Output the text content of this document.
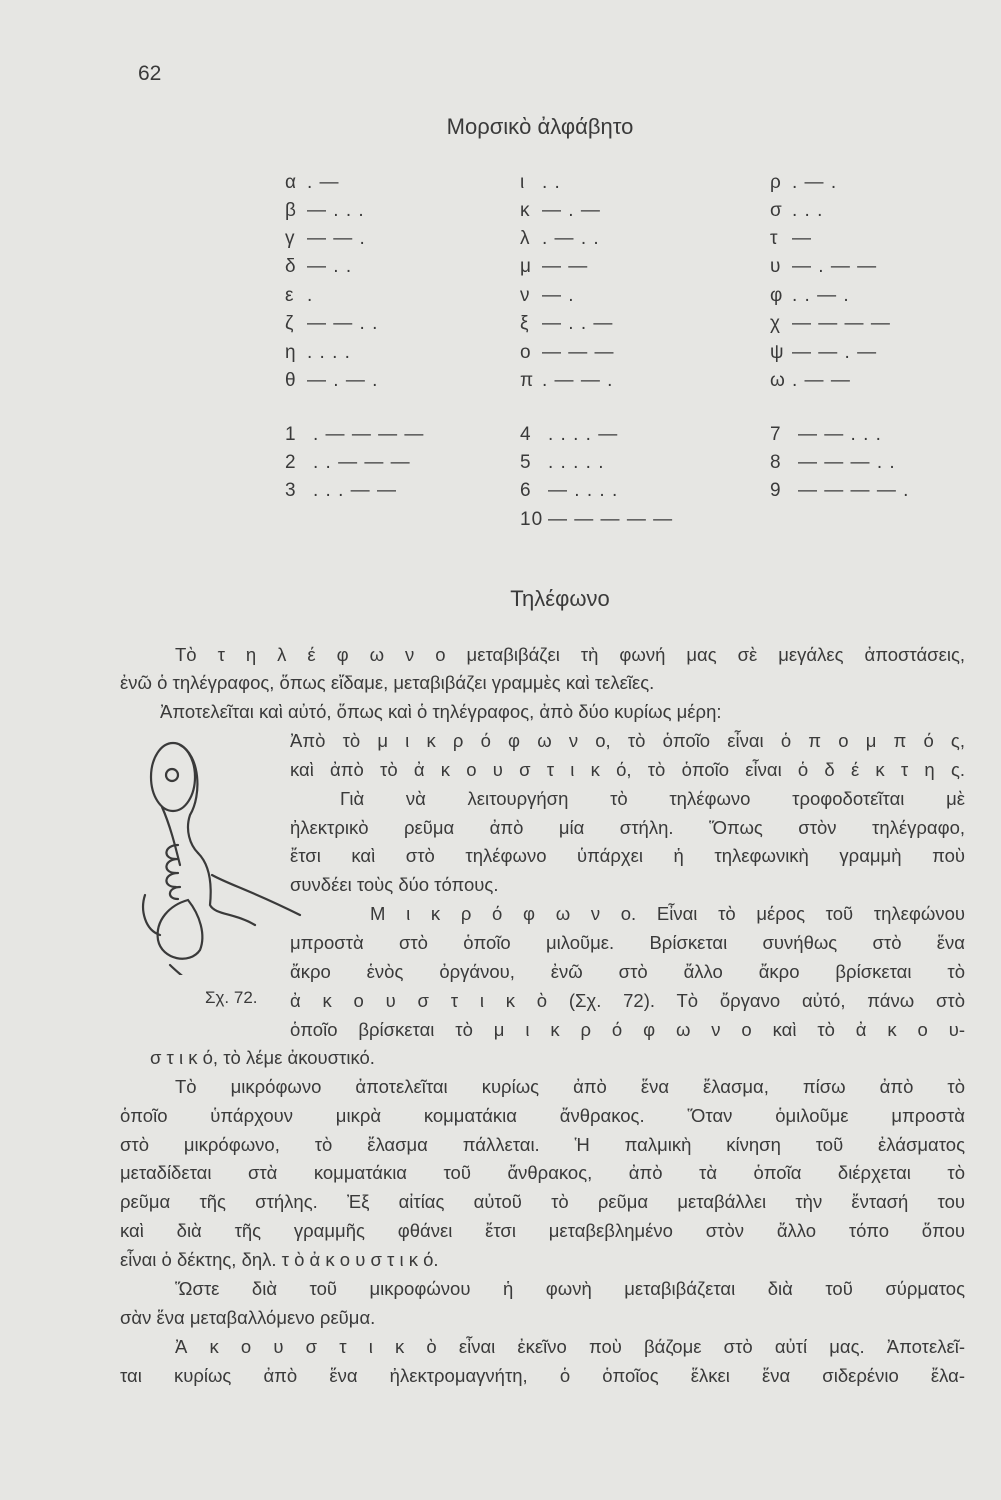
62
Μορσικὸ ἀλφάβητο
α . —
β — . . .
γ — — .
δ — . .
ε .
ζ — — . .
η . . . .
θ — . — .
ι . .
κ — . —
λ . — . .
μ — —
ν — .
ξ — . . —
ο — — —
π . — — .
ρ . — .
σ . . .
τ —
υ — . — —
φ . . — .
χ — — — —
ψ — — . —
ω . — —
1 . — — — —
2 . . — — —
3 . . . — —
4 . . . . —
5 . . . . .
6 — . . . .
10 — — — — —
7 — — . . .
8 — — — . .
9 — — — — .
Τηλέφωνο
Σχ. 72.
Τὸ τ η λ έ φ ω ν ο μεταβιβάζει τὴ φωνή μας σὲ μεγάλες ἀποστάσεις,
ἐνῶ ὁ τηλέγραφος, ὅπως εἴδαμε, μεταβιβάζει γραμμὲς καὶ τελεῖες.
Ἀποτελεῖται καὶ αὐτό, ὅπως καὶ ὁ τηλέγραφος, ἀπὸ δύο κυρίως μέρη:
Ἀπὸ τὸ μ ι κ ρ ό φ ω ν ο, τὸ ὁποῖο εἶναι ὁ π ο μ π ό ς,
καὶ ἀπὸ τὸ ἀ κ ο υ σ τ ι κ ό, τὸ ὁποῖο εἶναι ὁ δ έ κ τ η ς.
Γιὰ νὰ λειτουργήση τὸ τηλέφωνο τροφοδοτεῖται μὲ
ἠλεκτρικὸ ρεῦμα ἀπὸ μία στήλη. Ὅπως στὸν τηλέγραφο,
ἔτσι καὶ στὸ τηλέφωνο ὑπάρχει ἡ τηλεφωνικὴ γραμμὴ ποὺ
συνδέει τοὺς δύο τόπους.
Μ ι κ ρ ό φ ω ν ο. Εἶναι τὸ μέρος τοῦ τηλεφώνου
μπροστὰ στὸ ὁποῖο μιλοῦμε. Βρίσκεται συνήθως στὸ ἕνα
ἄκρο ἑνὸς ὀργάνου, ἐνῶ στὸ ἄλλο ἄκρο βρίσκεται τὸ
ἀ κ ο υ σ τ ι κ ὸ (Σχ. 72). Τὸ ὄργανο αὐτό, πάνω στὸ
ὁποῖο βρίσκεται τὸ μ ι κ ρ ό φ ω ν ο καὶ τὸ ἀ κ ο υ-
σ τ ι κ ό, τὸ λέμε ἀκουστικό.
Τὸ μικρόφωνο ἀποτελεῖται κυρίως ἀπὸ ἕνα ἔλασμα, πίσω ἀπὸ τὸ
ὁποῖο ὑπάρχουν μικρὰ κομματάκια ἄνθρακος. Ὅταν ὁμιλοῦμε μπροστὰ
στὸ μικρόφωνο, τὸ ἔλασμα πάλλεται. Ἡ παλμικὴ κίνηση τοῦ ἐλάσματος
μεταδίδεται στὰ κομματάκια τοῦ ἄνθρακος, ἀπὸ τὰ ὁποῖα διέρχεται τὸ
ρεῦμα τῆς στήλης. Ἐξ αἰτίας αὐτοῦ τὸ ρεῦμα μεταβάλλει τὴν ἔντασή του
καὶ διὰ τῆς γραμμῆς φθάνει ἔτσι μεταβεβλημένο στὸν ἄλλο τόπο ὅπου
εἶναι ὁ δέκτης, δηλ. τ ὸ ἀ κ ο υ σ τ ι κ ό.
Ὥστε διὰ τοῦ μικροφώνου ἡ φωνὴ μεταβιβάζεται διὰ τοῦ σύρματος
σὰν ἕνα μεταβαλλόμενο ρεῦμα.
Ἀ κ ο υ σ τ ι κ ὸ εἶναι ἐκεῖνο ποὺ βάζομε στὸ αὐτί μας. Ἀποτελεῖ-
ται κυρίως ἀπὸ ἕνα ἠλεκτρομαγνήτη, ὁ ὁποῖος ἕλκει ἕνα σιδερένιο ἔλα-
